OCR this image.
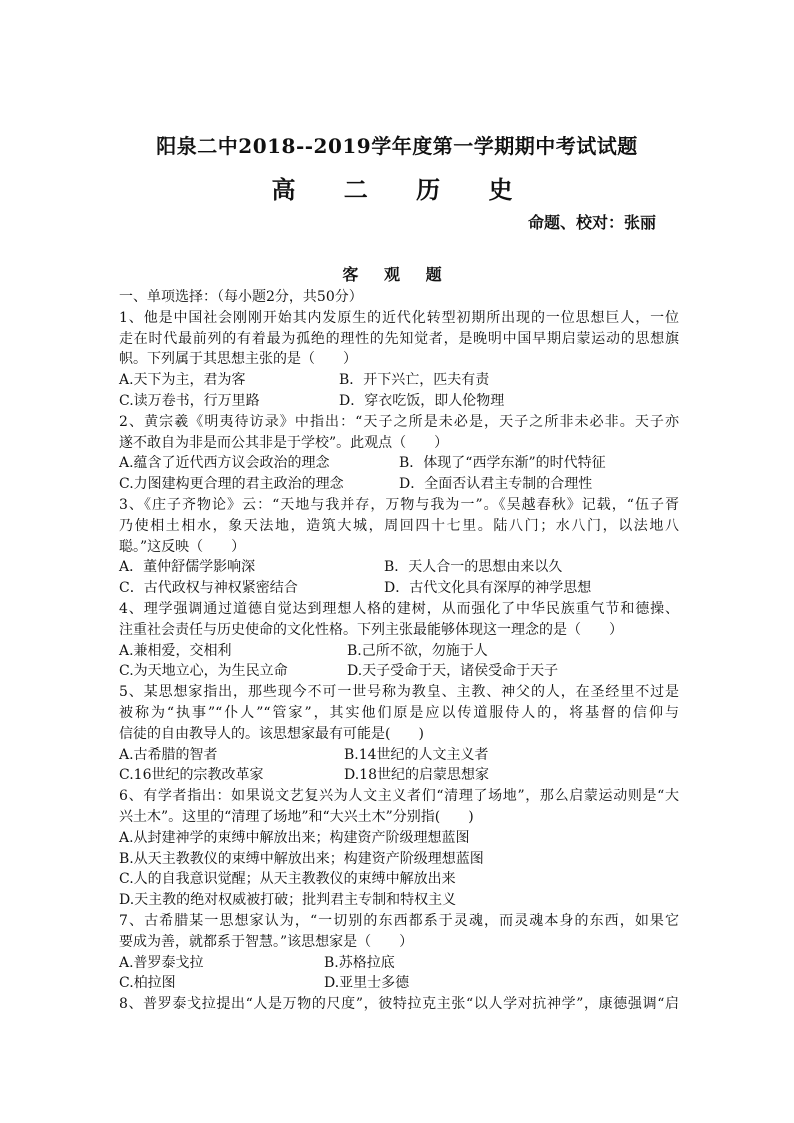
阳泉二中2018--2019学年度第一学期期中考试试题
高 二 历 史
命题、校对：张丽
客 观 题
一、单项选择：（每小题2分，共50分）
1、他是中国社会刚刚开始其内发原生的近代化转型初期所出现的一位思想巨人，一位
走在时代最前列的有着最为孤绝的理性的先知觉者，是晚明中国早期启蒙运动的思想旗
帜。下列属于其思想主张的是（　　）
A.天下为主，君为客	B．开下兴亡，匹夫有责
C.读万卷书，行万里路	D．穿衣吃饭，即人伦物理
2、黄宗羲《明夷待访录》中指出：“天子之所是未必是，天子之所非未必非。天子亦
遂不敢自为非是而公其非是于学校”。此观点（　　）
A.蕴含了近代西方议会政治的理念	B．体现了“西学东渐”的时代特征
C.力图建构更合理的君主政治的理念	D．全面否认君主专制的合理性
3、《庄子齐物论》云：“天地与我并存，万物与我为一”。《吴越春秋》记载，“伍子胥
乃使相土相水，象天法地，造筑大城，周回四十七里。陆八门；水八门，以法地八
聪。”这反映（　　）
A．董仲舒儒学影响深	B．天人合一的思想由来以久
C．古代政权与神权紧密结合	D．古代文化具有深厚的神学思想
4、理学强调通过道德自觉达到理想人格的建树，从而强化了中华民族重气节和德操、
注重社会责任与历史使命的文化性格。下列主张最能够体现这一理念的是（　　）
A.兼相爱，交相利	B.己所不欲，勿施于人
C.为天地立心，为生民立命	D.天子受命于天，诸侯受命于天子
5、某思想家指出，那些现今不可一世号称为教皇、主教、神父的人，在圣经里不过是
被称为“执事”“仆人”“管家”，其实他们原是应以传道服侍人的，将基督的信仰与
信徒的自由教导人的。该思想家最有可能是(　　)
A.古希腊的智者	B.14世纪的人文主义者
C.16世纪的宗教改革家	D.18世纪的启蒙思想家
6、有学者指出：如果说文艺复兴为人文主义者们“清理了场地”，那么启蒙运动则是“大
兴土木”。这里的“清理了场地”和“大兴土木”分别指(　　)
A.从封建神学的束缚中解放出来；构建资产阶级理想蓝图
B.从天主教教仪的束缚中解放出来；构建资产阶级理想蓝图
C.人的自我意识觉醒；从天主教教仪的束缚中解放出来
D.天主教的绝对权威被打破；批判君主专制和特权主义
7、古希腊某一思想家认为，“一切别的东西都系于灵魂，而灵魂本身的东西，如果它
要成为善，就都系于智慧。”该思想家是（　　）
A.普罗泰戈拉	B.苏格拉底
C.柏拉图	D.亚里士多德
8、普罗泰戈拉提出“人是万物的尺度”，彼特拉克主张“以人学对抗神学”，康德强调“启
